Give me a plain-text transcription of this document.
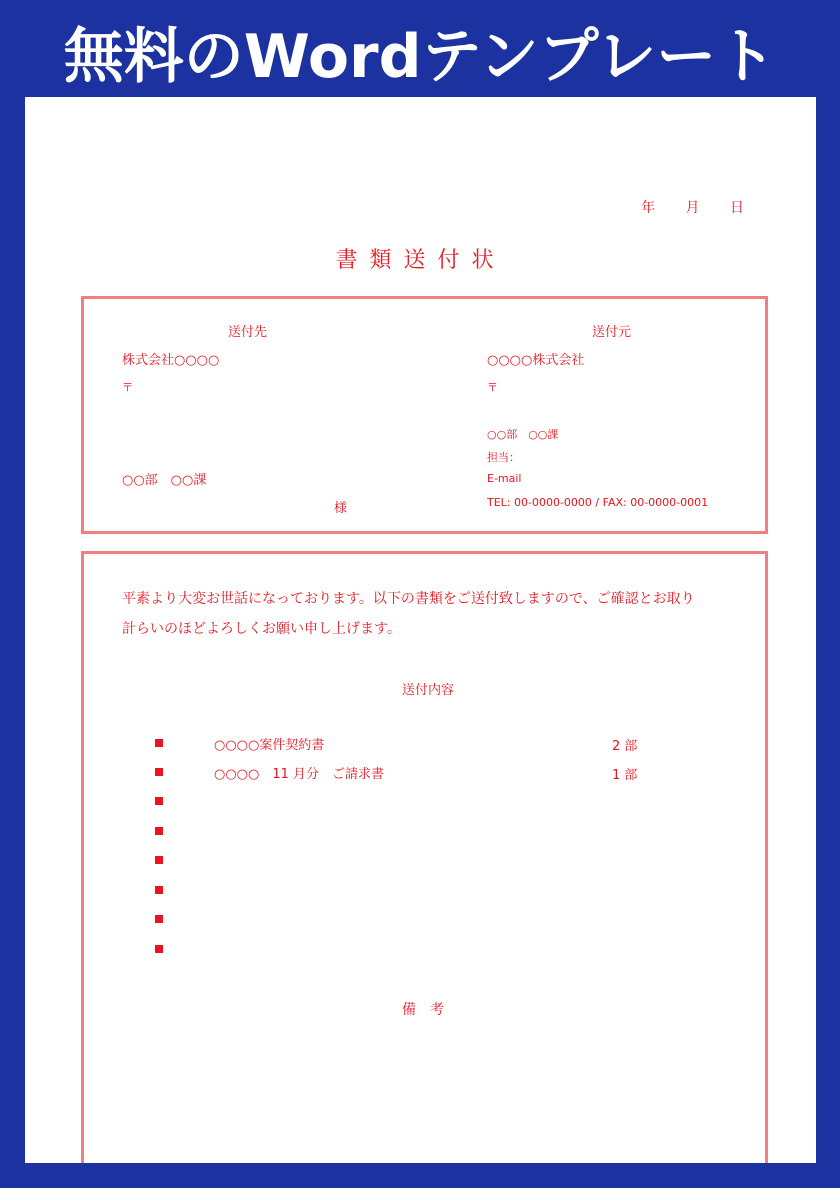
無料のWordテンプレート
年 月 日
書類送付状
送付先
株式会社○○○○
〒
○○部　○○課
様
送付元
○○○○株式会社
〒
○○部　○○課
担当：
E-mail
TEL: 00-0000-0000 / FAX: 00-0000-0001
平素より大変お世話になっております。以下の書類をご送付致しますので、ご確認とお取り
計らいのほどよろしくお願い申し上げます。
送付内容
○○○○案件契約書	2 部
○○○○　11 月分　ご請求書	1 部
備　考
